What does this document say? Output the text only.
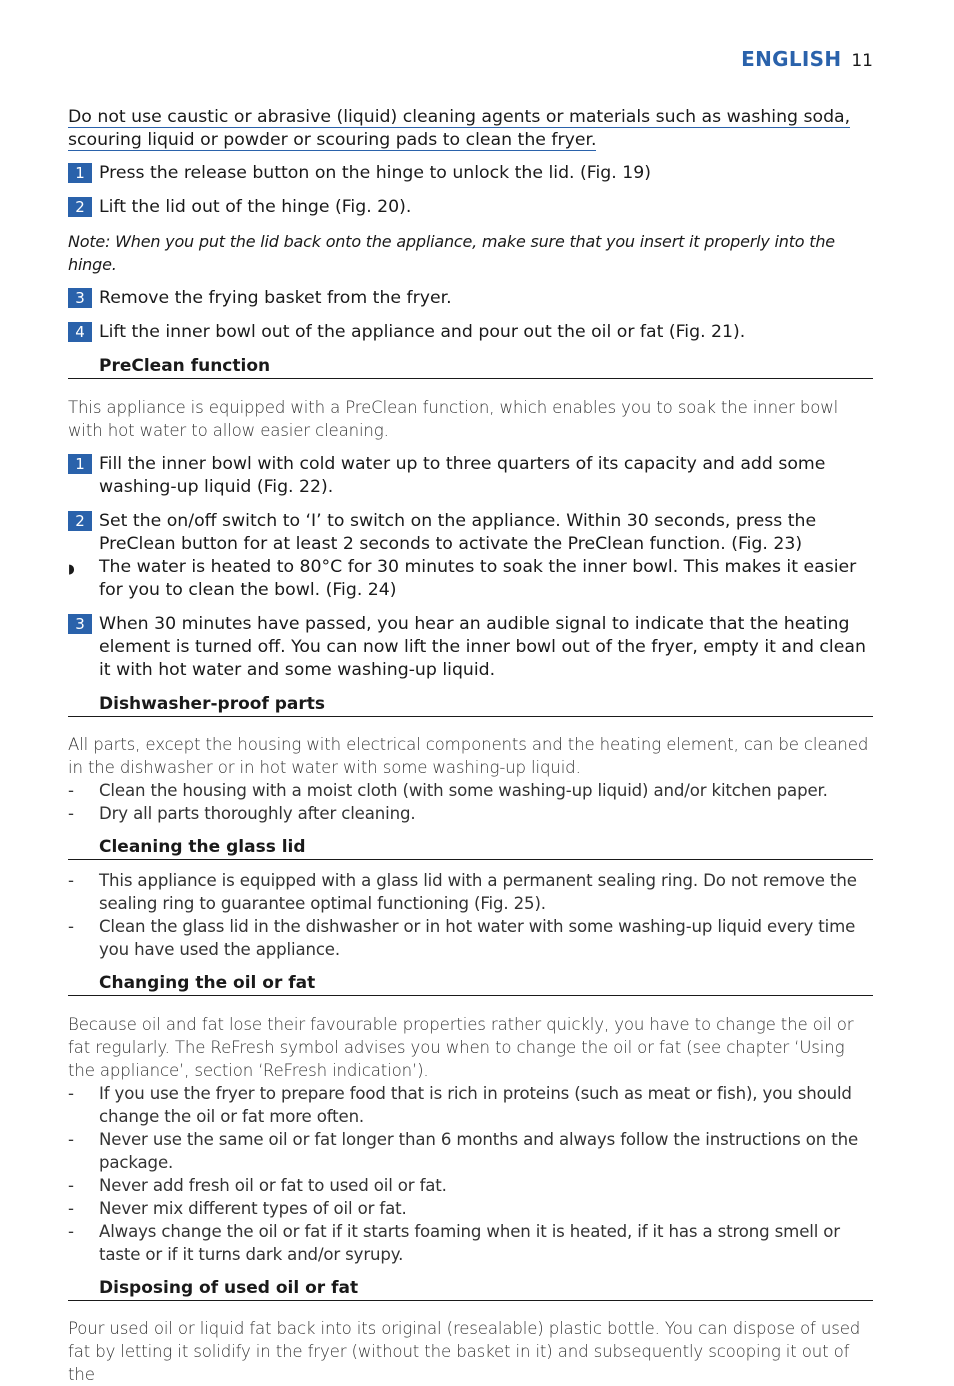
ENGLISH 11

Do not use caustic or abrasive (liquid) cleaning agents or materials such as washing soda, scouring liquid or powder or scouring pads to clean the fryer.

1 Press the release button on the hinge to unlock the lid. (Fig. 19)
2 Lift the lid out of the hinge (Fig. 20).

Note: When you put the lid back onto the appliance, make sure that you insert it properly into the hinge.

3 Remove the frying basket from the fryer.
4 Lift the inner bowl out of the appliance and pour out the oil or fat (Fig. 21).
PreClean function

This appliance is equipped with a PreClean function, which enables you to soak the inner bowl with hot water to allow easier cleaning.

1 Fill the inner bowl with cold water up to three quarters of its capacity and add some washing-up liquid (Fig. 22).
2 Set the on/off switch to ‘I’ to switch on the appliance. Within 30 seconds, press the PreClean button for at least 2 seconds to activate the PreClean function. (Fig. 23)
◗	The water is heated to 80°C for 30 minutes to soak the inner bowl. This makes it easier for you to clean the bowl. (Fig. 24)
3 When 30 minutes have passed, you hear an audible signal to indicate that the heating element is turned off. You can now lift the inner bowl out of the fryer, empty it and clean it with hot water and some washing-up liquid.
Dishwasher-proof parts

All parts, except the housing with electrical components and the heating element, can be cleaned in the dishwasher or in hot water with some washing-up liquid.

-	Clean the housing with a moist cloth (with some washing-up liquid) and/or kitchen paper.
-	Dry all parts thoroughly after cleaning.
Cleaning the glass lid
-	This appliance is equipped with a glass lid with a permanent sealing ring. Do not remove the sealing ring to guarantee optimal functioning (Fig. 25).
-	Clean the glass lid in the dishwasher or in hot water with some washing-up liquid every time you have used the appliance.
Changing the oil or fat

Because oil and fat lose their favourable properties rather quickly, you have to change the oil or fat regularly. The ReFresh symbol advises you when to change the oil or fat (see chapter ‘Using the appliance’, section ‘ReFresh indication’).

-	If you use the fryer to prepare food that is rich in proteins (such as meat or fish), you should change the oil or fat more often.
-	Never use the same oil or fat longer than 6 months and always follow the instructions on the package.
-	Never add fresh oil or fat to used oil or fat.
-	Never mix different types of oil or fat.
-	Always change the oil or fat if it starts foaming when it is heated, if it has a strong smell or taste or if it turns dark and/or syrupy.
Disposing of used oil or fat

Pour used oil or liquid fat back into its original (resealable) plastic bottle. You can dispose of used fat by letting it solidify in the fryer (without the basket in it) and subsequently scooping it out of the
